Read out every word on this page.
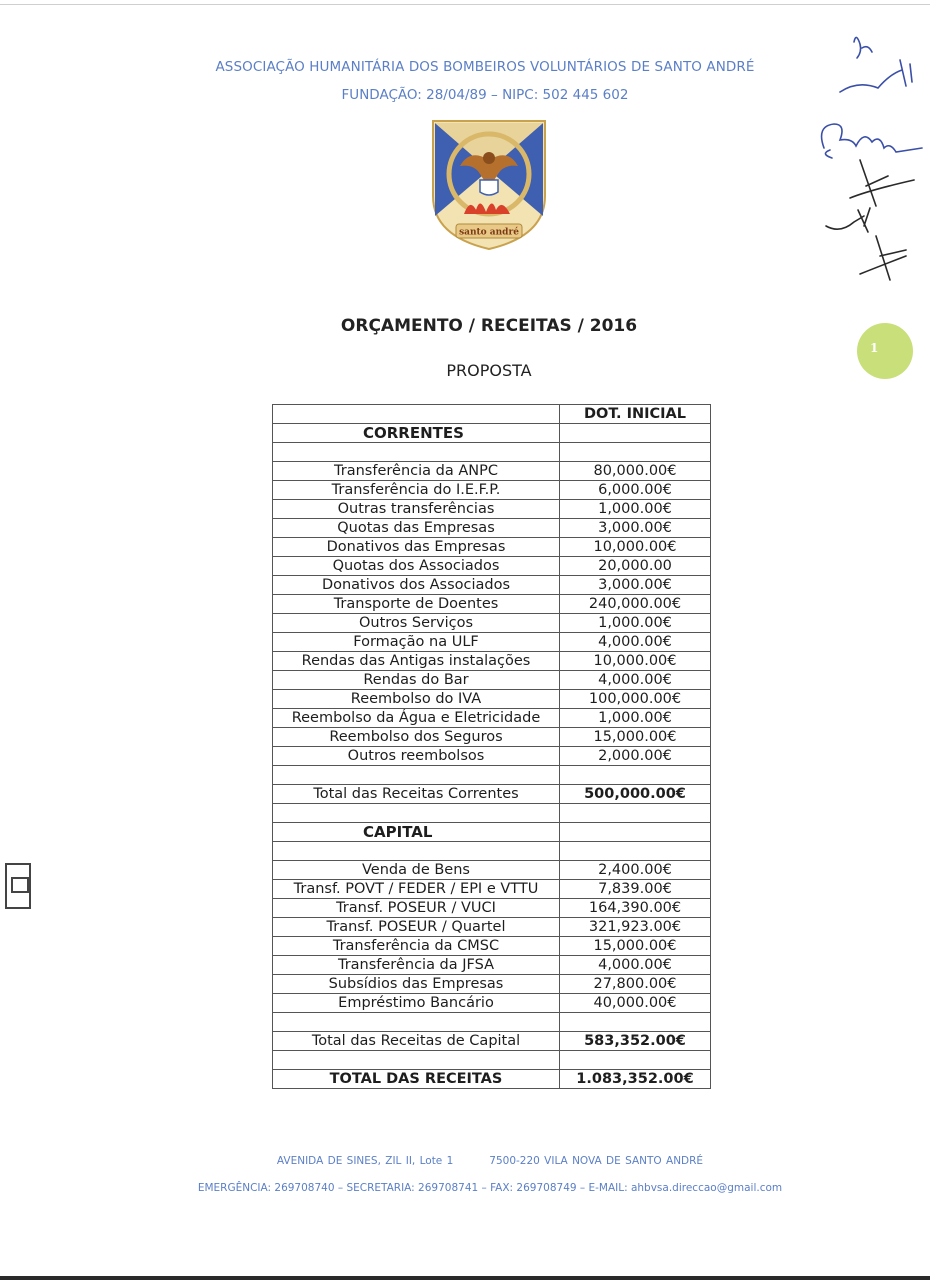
ASSOCIAÇÃO HUMANITÁRIA DOS BOMBEIROS VOLUNTÁRIOS DE SANTO ANDRÉ
FUNDAÇÃO: 28/04/89 – NIPC: 502 445 602
santo andré
ORÇAMENTO / RECEITAS / 2016
PROPOSTA
1
	DOT. INICIAL
CORRENTES	

Transferência da ANPC	80,000.00€
Transferência do I.E.F.P.	6,000.00€
Outras transferências	1,000.00€
Quotas das Empresas	3,000.00€
Donativos das Empresas	10,000.00€
Quotas dos Associados	20,000.00
Donativos dos Associados	3,000.00€
Transporte de Doentes	240,000.00€
Outros Serviços	1,000.00€
Formação na ULF	4,000.00€
Rendas das Antigas instalações	10,000.00€
Rendas do Bar	4,000.00€
Reembolso do IVA	100,000.00€
Reembolso da Água e Eletricidade	1,000.00€
Reembolso dos Seguros	15,000.00€
Outros reembolsos	2,000.00€

Total das Receitas Correntes	500,000.00€

CAPITAL	

Venda de Bens	2,400.00€
Transf. POVT / FEDER / EPI e VTTU	7,839.00€
Transf. POSEUR / VUCI	164,390.00€
Transf. POSEUR / Quartel	321,923.00€
Transferência da CMSC	15,000.00€
Transferência da JFSA	4,000.00€
Subsídios das Empresas	27,800.00€
Empréstimo Bancário	40,000.00€

Total das Receitas de Capital	583,352.00€

TOTAL DAS RECEITAS	1.083,352.00€
AVENIDA DE SINES, ZIL II, Lote 1	7500-220 VILA NOVA DE SANTO ANDRÉ
EMERGÊNCIA: 269708740 – SECRETARIA: 269708741 – FAX: 269708749 – E-MAIL: ahbvsa.direccao@gmail.com
